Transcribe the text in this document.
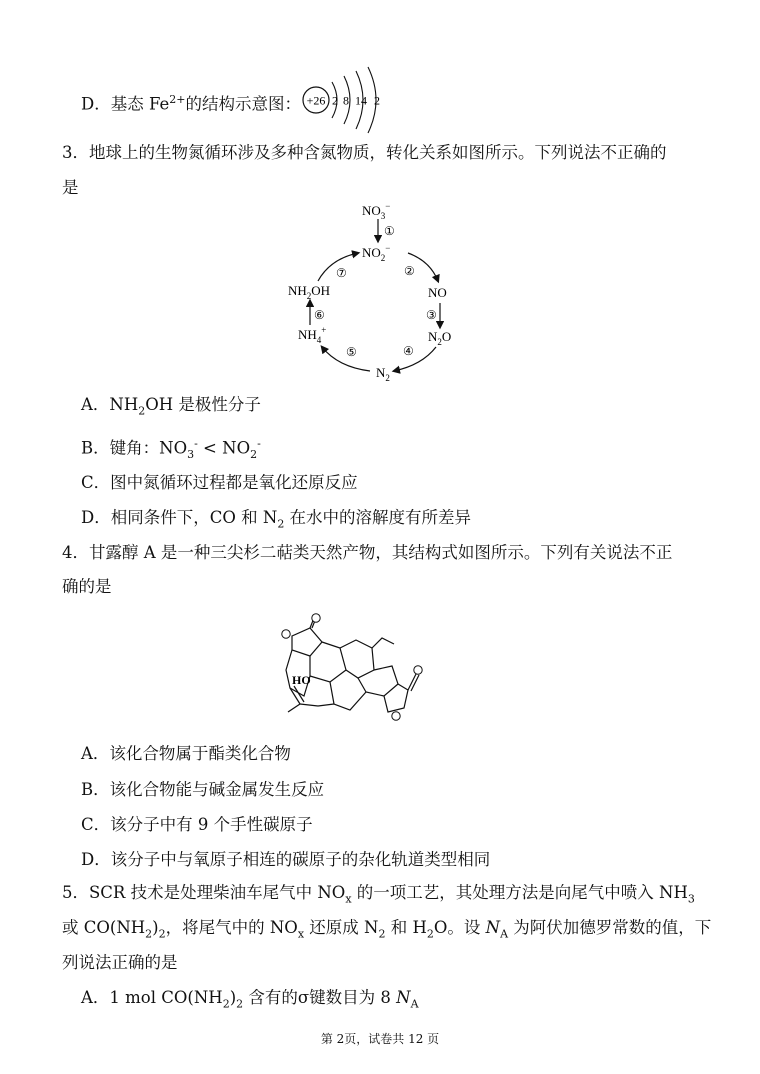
D．基态 $Fe^{2+}$的结构示意图： +26 2 8 14 2
3．地球上的生物氮循环涉及多种含氮物质，转化关系如图所示。下列说法不正确的
是
$NO_3^-$
①
$NO_2^-$
②
NO
③
$N_2O$
④
$N_2$
⑤
$NH_4^+$
⑥
$NH_2OH$
⑦
A．$NH_2OH$ 是极性分子
B．键角：$NO_3^- < NO_2^-$
C．图中氮循环过程都是氧化还原反应
D．相同条件下，CO 和 $N_2$ 在水中的溶解度有所差异
4．甘露醇 A 是一种三尖杉二萜类天然产物，其结构式如图所示。下列有关说法不正
确的是
HO
A．该化合物属于酯类化合物
B．该化合物能与碱金属发生反应
C．该分子中有 9 个手性碳原子
D．该分子中与氧原子相连的碳原子的杂化轨道类型相同
5．SCR 技术是处理柴油车尾气中 $NO_x$ 的一项工艺，其处理方法是向尾气中喷入 $NH_3$
或 $CO(NH_2)_2$，将尾气中的 $NO_x$ 还原成 $N_2$ 和 $H_2O$。设 $N_A$ 为阿伏加德罗常数的值，下
列说法正确的是
A．1 mol $CO(NH_2)_2$ 含有的σ键数目为 8 $N_A$
第 2页，试卷共 12 页
